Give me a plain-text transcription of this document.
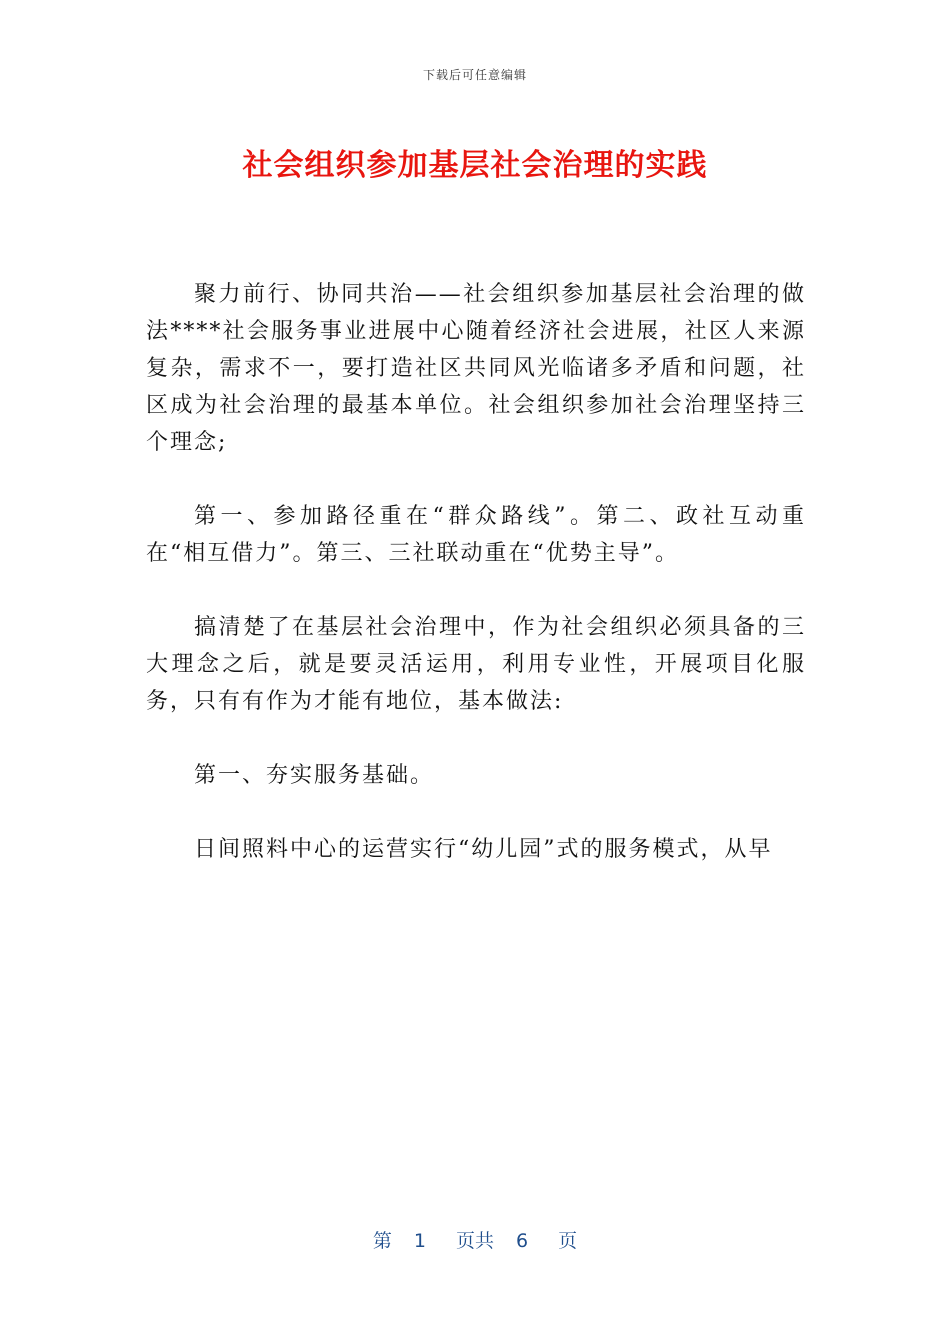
下载后可任意编辑
社会组织参加基层社会治理的实践

聚力前行、协同共治——社会组织参加基层社会治理的做法****社会服务事业进展中心随着经济社会进展，社区人来源复杂，需求不一，要打造社区共同风光临诸多矛盾和问题，社区成为社会治理的最基本单位。社会组织参加社会治理坚持三个理念;

第一、参加路径重在“群众路线”。第二、政社互动重在“相互借力”。第三、三社联动重在“优势主导”。

搞清楚了在基层社会治理中，作为社会组织必须具备的三大理念之后，就是要灵活运用，利用专业性，开展项目化服务，只有有作为才能有地位，基本做法:

第一、夯实服务基础。

日间照料中心的运营实行“幼儿园”式的服务模式，从早

第 1 页共 6 页
